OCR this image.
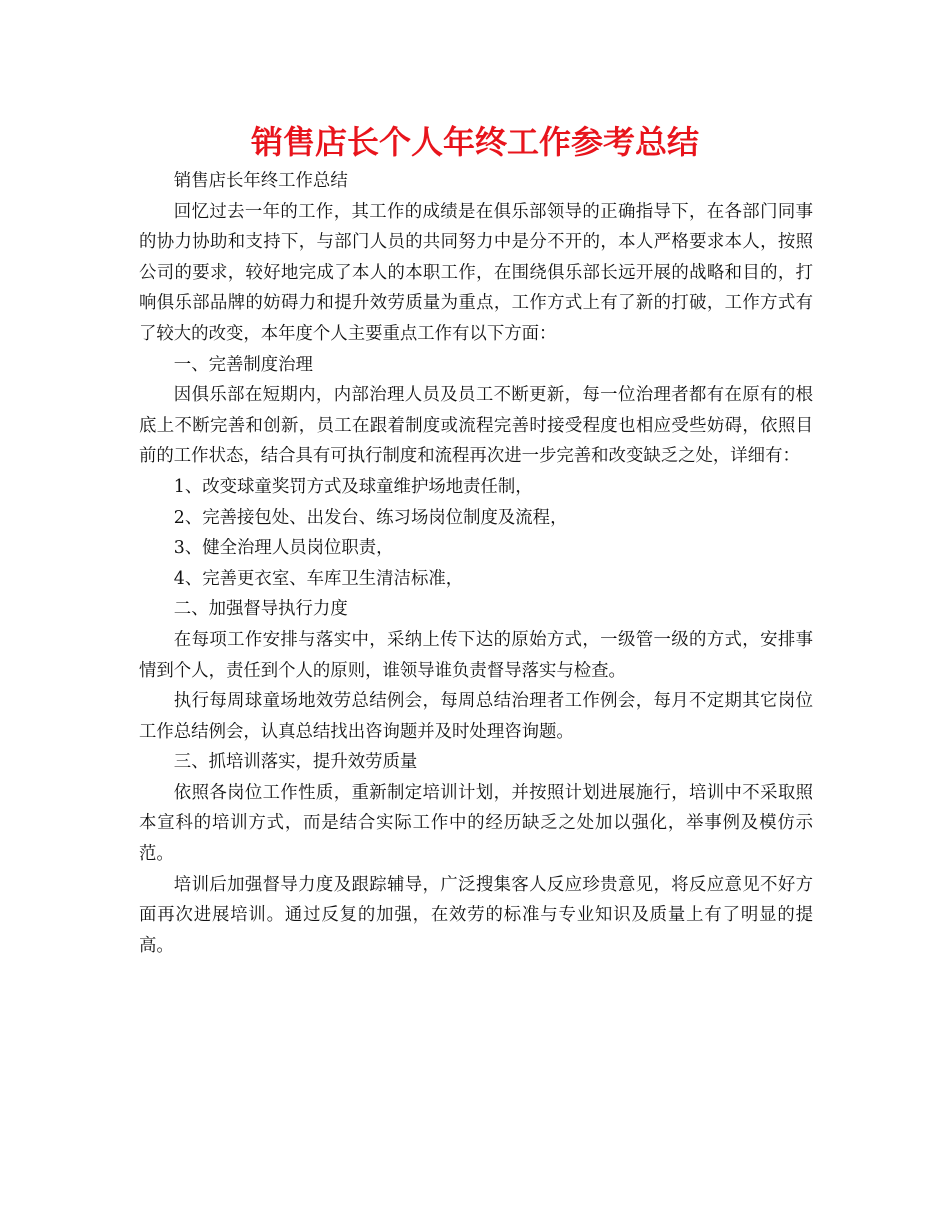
销售店长个人年终工作参考总结

销售店长年终工作总结

回忆过去一年的工作，其工作的成绩是在俱乐部领导的正确指导下，在各部门同事的协力协助和支持下，与部门人员的共同努力中是分不开的，本人严格要求本人，按照公司的要求，较好地完成了本人的本职工作，在围绕俱乐部长远开展的战略和目的，打响俱乐部品牌的妨碍力和提升效劳质量为重点，工作方式上有了新的打破，工作方式有了较大的改变，本年度个人主要重点工作有以下方面：

一、完善制度治理

因俱乐部在短期内，内部治理人员及员工不断更新，每一位治理者都有在原有的根底上不断完善和创新，员工在跟着制度或流程完善时接受程度也相应受些妨碍，依照目前的工作状态，结合具有可执行制度和流程再次进一步完善和改变缺乏之处，详细有：

1、改变球童奖罚方式及球童维护场地责任制，

2、完善接包处、出发台、练习场岗位制度及流程，

3、健全治理人员岗位职责，

4、完善更衣室、车库卫生清洁标准，

二、加强督导执行力度

在每项工作安排与落实中，采纳上传下达的原始方式，一级管一级的方式，安排事情到个人，责任到个人的原则，谁领导谁负责督导落实与检查。

执行每周球童场地效劳总结例会，每周总结治理者工作例会，每月不定期其它岗位工作总结例会，认真总结找出咨询题并及时处理咨询题。

三、抓培训落实，提升效劳质量

依照各岗位工作性质，重新制定培训计划，并按照计划进展施行，培训中不采取照本宣科的培训方式，而是结合实际工作中的经历缺乏之处加以强化，举事例及模仿示范。

培训后加强督导力度及跟踪辅导，广泛搜集客人反应珍贵意见，将反应意见不好方面再次进展培训。通过反复的加强，在效劳的标准与专业知识及质量上有了明显的提高。
